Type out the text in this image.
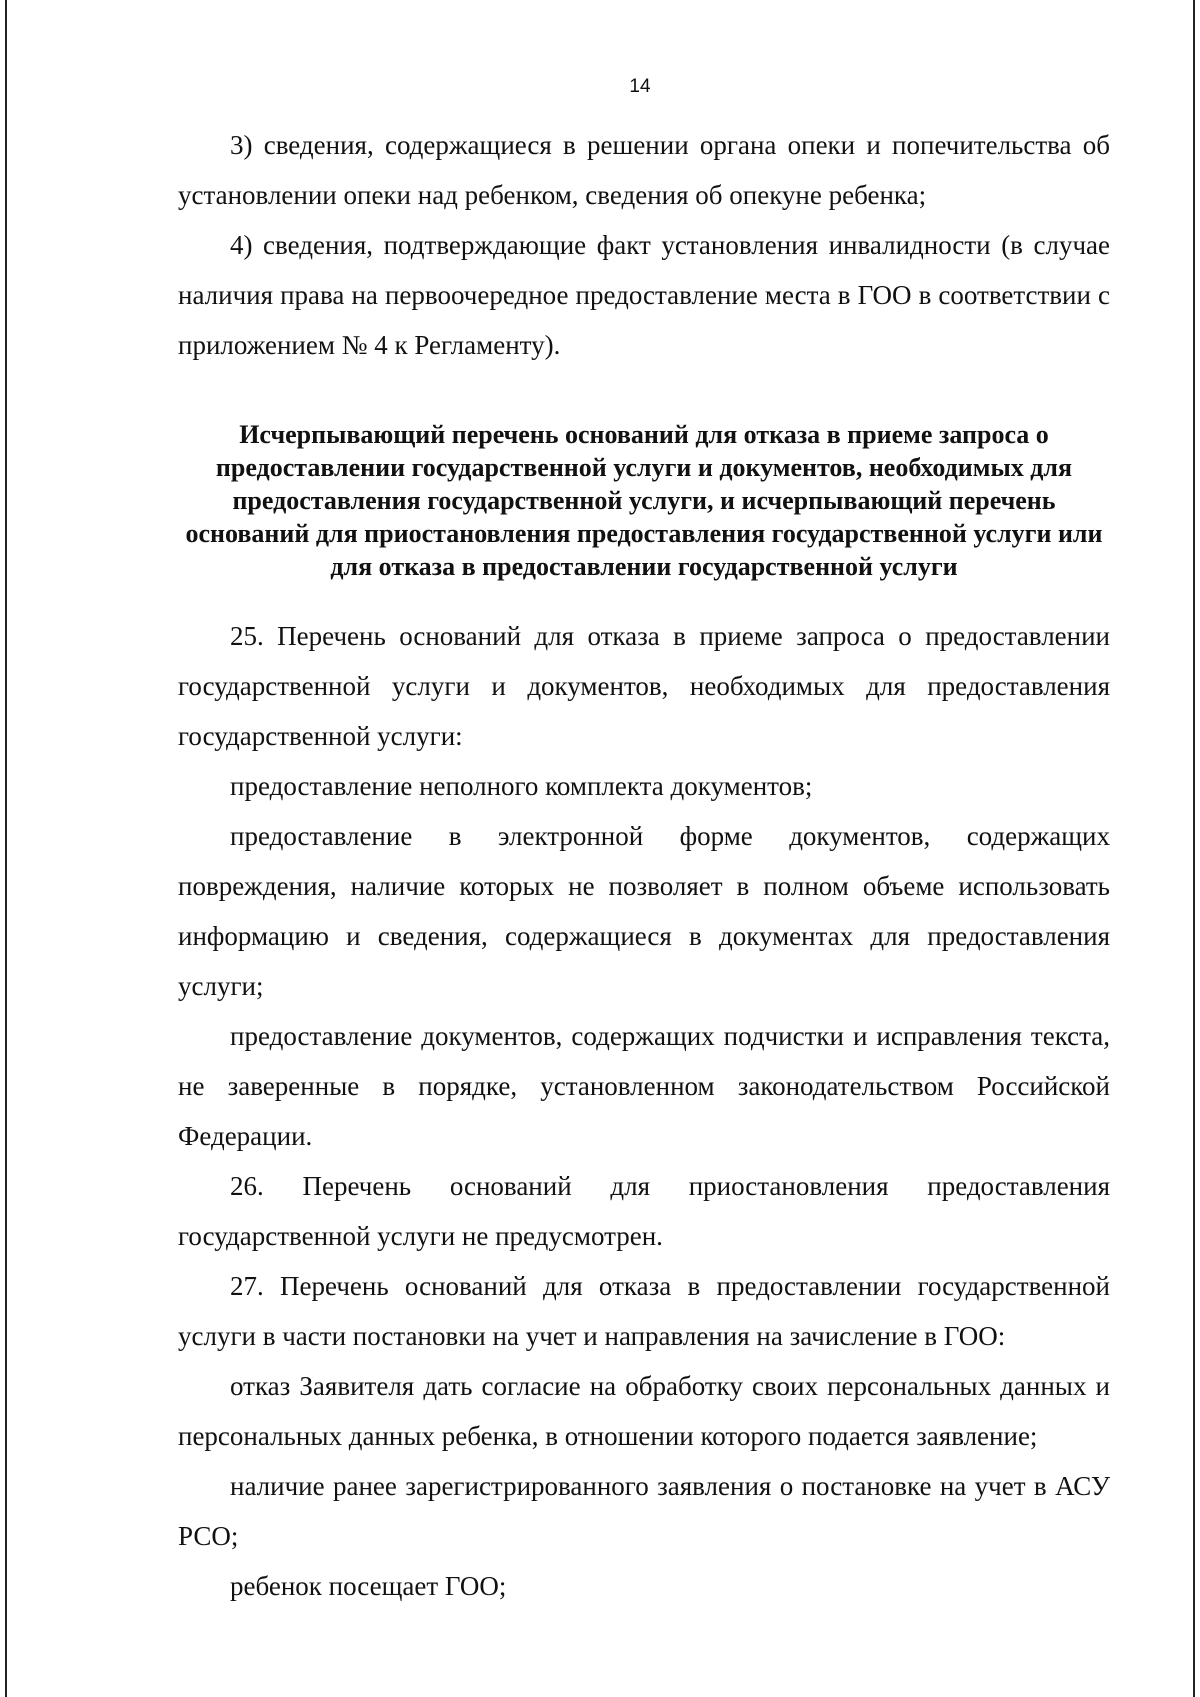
14

3) сведения, содержащиеся в решении органа опеки и попечительства об установлении опеки над ребенком, сведения об опекуне ребенка;

4) сведения, подтверждающие факт установления инвалидности (в случае наличия права на первоочередное предоставление места в ГОО в соответствии с приложением № 4 к Регламенту).

Исчерпывающий перечень оснований для отказа в приеме запроса о предоставлении государственной услуги и документов, необходимых для предоставления государственной услуги, и исчерпывающий перечень оснований для приостановления предоставления государственной услуги или для отказа в предоставлении государственной услуги

25. Перечень оснований для отказа в приеме запроса о предоставлении государственной услуги и документов, необходимых для предоставления государственной услуги:

предоставление неполного комплекта документов;

предоставление в электронной форме документов, содержащих повреждения, наличие которых не позволяет в полном объеме использовать информацию и сведения, содержащиеся в документах для предоставления услуги;

предоставление документов, содержащих подчистки и исправления текста, не заверенные в порядке, установленном законодательством Российской Федерации.

26. Перечень оснований для приостановления предоставления государственной услуги не предусмотрен.

27. Перечень оснований для отказа в предоставлении государственной услуги в части постановки на учет и направления на зачисление в ГОО:

отказ Заявителя дать согласие на обработку своих персональных данных и персональных данных ребенка, в отношении которого подается заявление;

наличие ранее зарегистрированного заявления о постановке на учет в АСУ РСО;

ребенок посещает ГОО;
